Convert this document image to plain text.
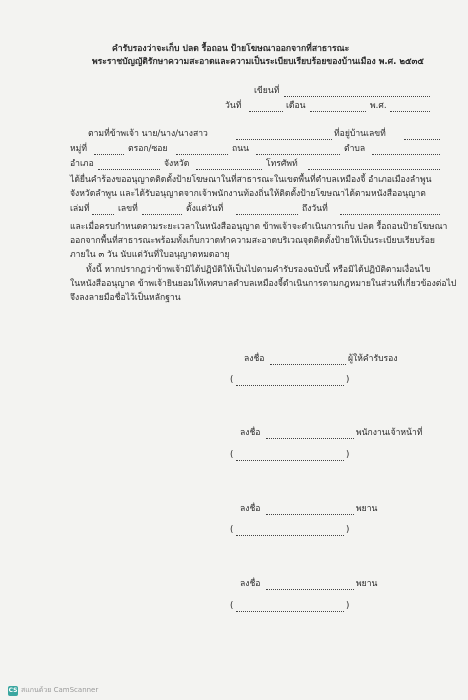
คำรับรองว่าจะเก็บ ปลด รื้อถอน ป้ายโฆษณาออกจากที่สาธารณะ
พระราชบัญญัติรักษาความสะอาดและความเป็นระเบียบเรียบร้อยของบ้านเมือง พ.ศ. ๒๕๓๕
เขียนที่
วันที่	เดือน	พ.ศ.
ตามที่ข้าพเจ้า นาย/นาง/นางสาว	ที่อยู่บ้านเลขที่
หมู่ที่	ตรอก/ซอย	ถนน	ตำบล
อำเภอ	จังหวัด	โทรศัพท์
ได้ยื่นคำร้องขออนุญาตติดตั้งป้ายโฆษณาในที่สาธารณะในเขตพื้นที่ตำบลเหมืองจี้ อำเภอเมืองลำพูน
จังหวัดลำพูน และได้รับอนุญาตจากเจ้าพนักงานท้องถิ่นให้ติดตั้งป้ายโฆษณาได้ตามหนังสืออนุญาต
เล่มที่	เลขที่	ตั้งแต่วันที่	ถึงวันที่
และเมื่อครบกำหนดตามระยะเวลาในหนังสืออนุญาต ข้าพเจ้าจะดำเนินการเก็บ ปลด รื้อถอนป้ายโฆษณา
ออกจากพื้นที่สาธารณะพร้อมทั้งเก็บกวาดทำความสะอาดบริเวณจุดติดตั้งป้ายให้เป็นระเบียบเรียบร้อย
ภายใน ๓ วัน นับแต่วันที่ใบอนุญาตหมดอายุ
ทั้งนี้ หากปรากฏว่าข้าพเจ้ามิได้ปฏิบัติให้เป็นไปตามคำรับรองฉบับนี้ หรือมิได้ปฏิบัติตามเงื่อนไข
ในหนังสืออนุญาต ข้าพเจ้ายินยอมให้เทศบาลตำบลเหมืองจี้ดำเนินการตามกฎหมายในส่วนที่เกี่ยวข้องต่อไป
จึงลงลายมือชื่อไว้เป็นหลักฐาน
ลงชื่อ	ผู้ให้คำรับรอง
(	)
ลงชื่อ	พนักงานเจ้าหน้าที่
(	)
ลงชื่อ	พยาน
(	)
ลงชื่อ	พยาน
(	)
CS สแกนด้วย CamScanner
